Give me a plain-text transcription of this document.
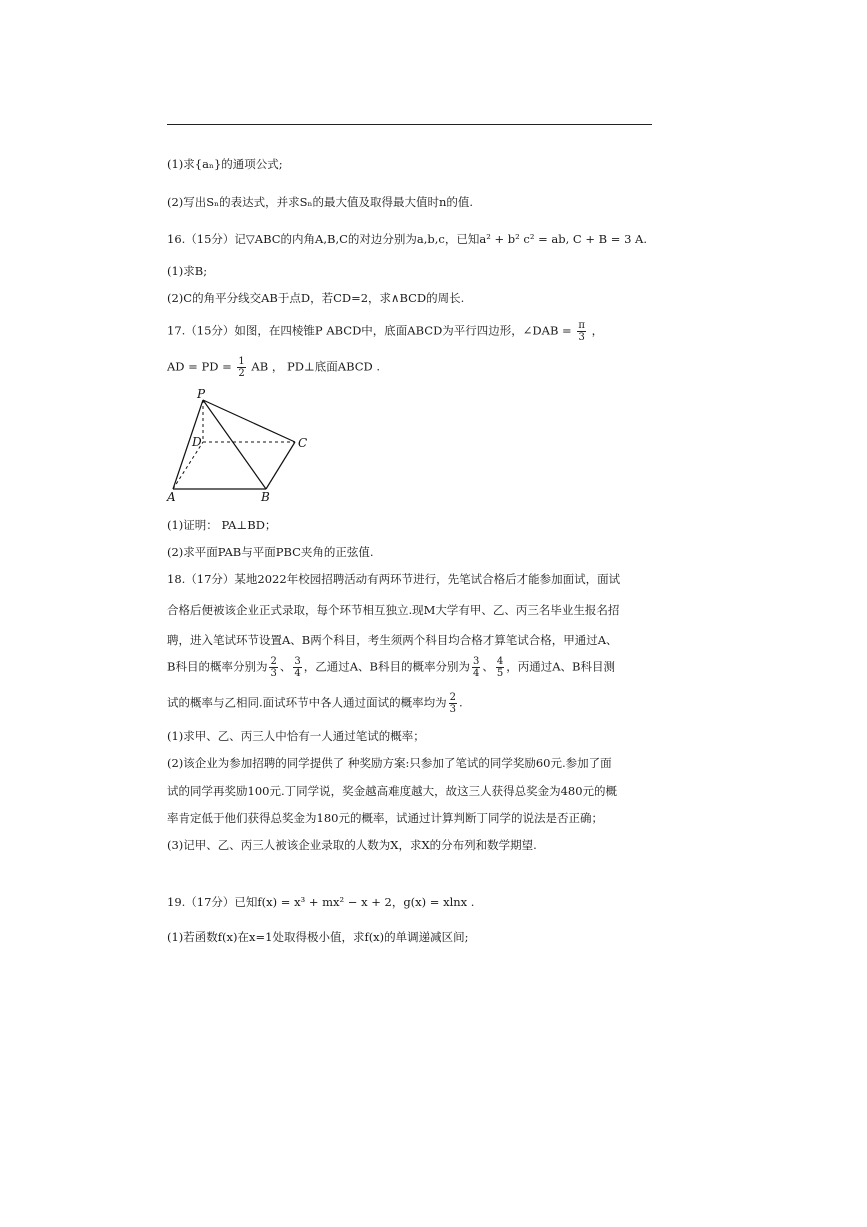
(1)求{aₙ}的通项公式;
(2)写出Sₙ的表达式，并求Sₙ的最大值及取得最大值时n的值.
16.（15分）记▽ABC的内角A,B,C的对边分别为a,b,c，已知a² + b² c² = ab, C + B = 3 A.
(1)求B;
(2)C的角平分线交AB于点D，若CD=2，求∧BCD的周长.
17.（15分）如图，在四棱锥P ABCD中，底面ABCD为平行四边形，∠DAB = $\frac{\pi}{3}$ ，
AD = PD = $\frac{1}{2}$ AB ， PD⊥底面ABCD .
P
D	C
A	B
(1)证明： PA⊥BD；
(2)求平面PAB与平面PBC夹角的正弦值.
18.（17分）某地2022年校园招聘活动有两环节进行，先笔试合格后才能参加面试，面试
合格后便被该企业正式录取，每个环节相互独立.现M大学有甲、乙、丙三名毕业生报名招
聘，进入笔试环节设置A、B两个科目，考生须两个科目均合格才算笔试合格，甲通过A、
B科目的概率分别为 $\frac{2}{3}$ 、 $\frac{3}{4}$ ，乙通过A、B科目的概率分别为 $\frac{3}{4}$ 、 $\frac{4}{5}$ ，丙通过A、B科目测
试的概率与乙相同.面试环节中各人通过面试的概率均为 $\frac{2}{3}$ .
(1)求甲、乙、丙三人中恰有一人通过笔试的概率；
(2)该企业为参加招聘的同学提供了 种奖励方案:只参加了笔试的同学奖励60元.参加了面
试的同学再奖励100元.丁同学说，奖金越高难度越大，故这三人获得总奖金为480元的概
率肯定低于他们获得总奖金为180元的概率，试通过计算判断丁同学的说法是否正确；
(3)记甲、乙、丙三人被该企业录取的人数为X，求X的分布列和数学期望.
19.（17分）已知f(x) = x³ + mx² − x + 2，g(x) = xlnx .
(1)若函数f(x)在x=1处取得极小值，求f(x)的单调递减区间;
